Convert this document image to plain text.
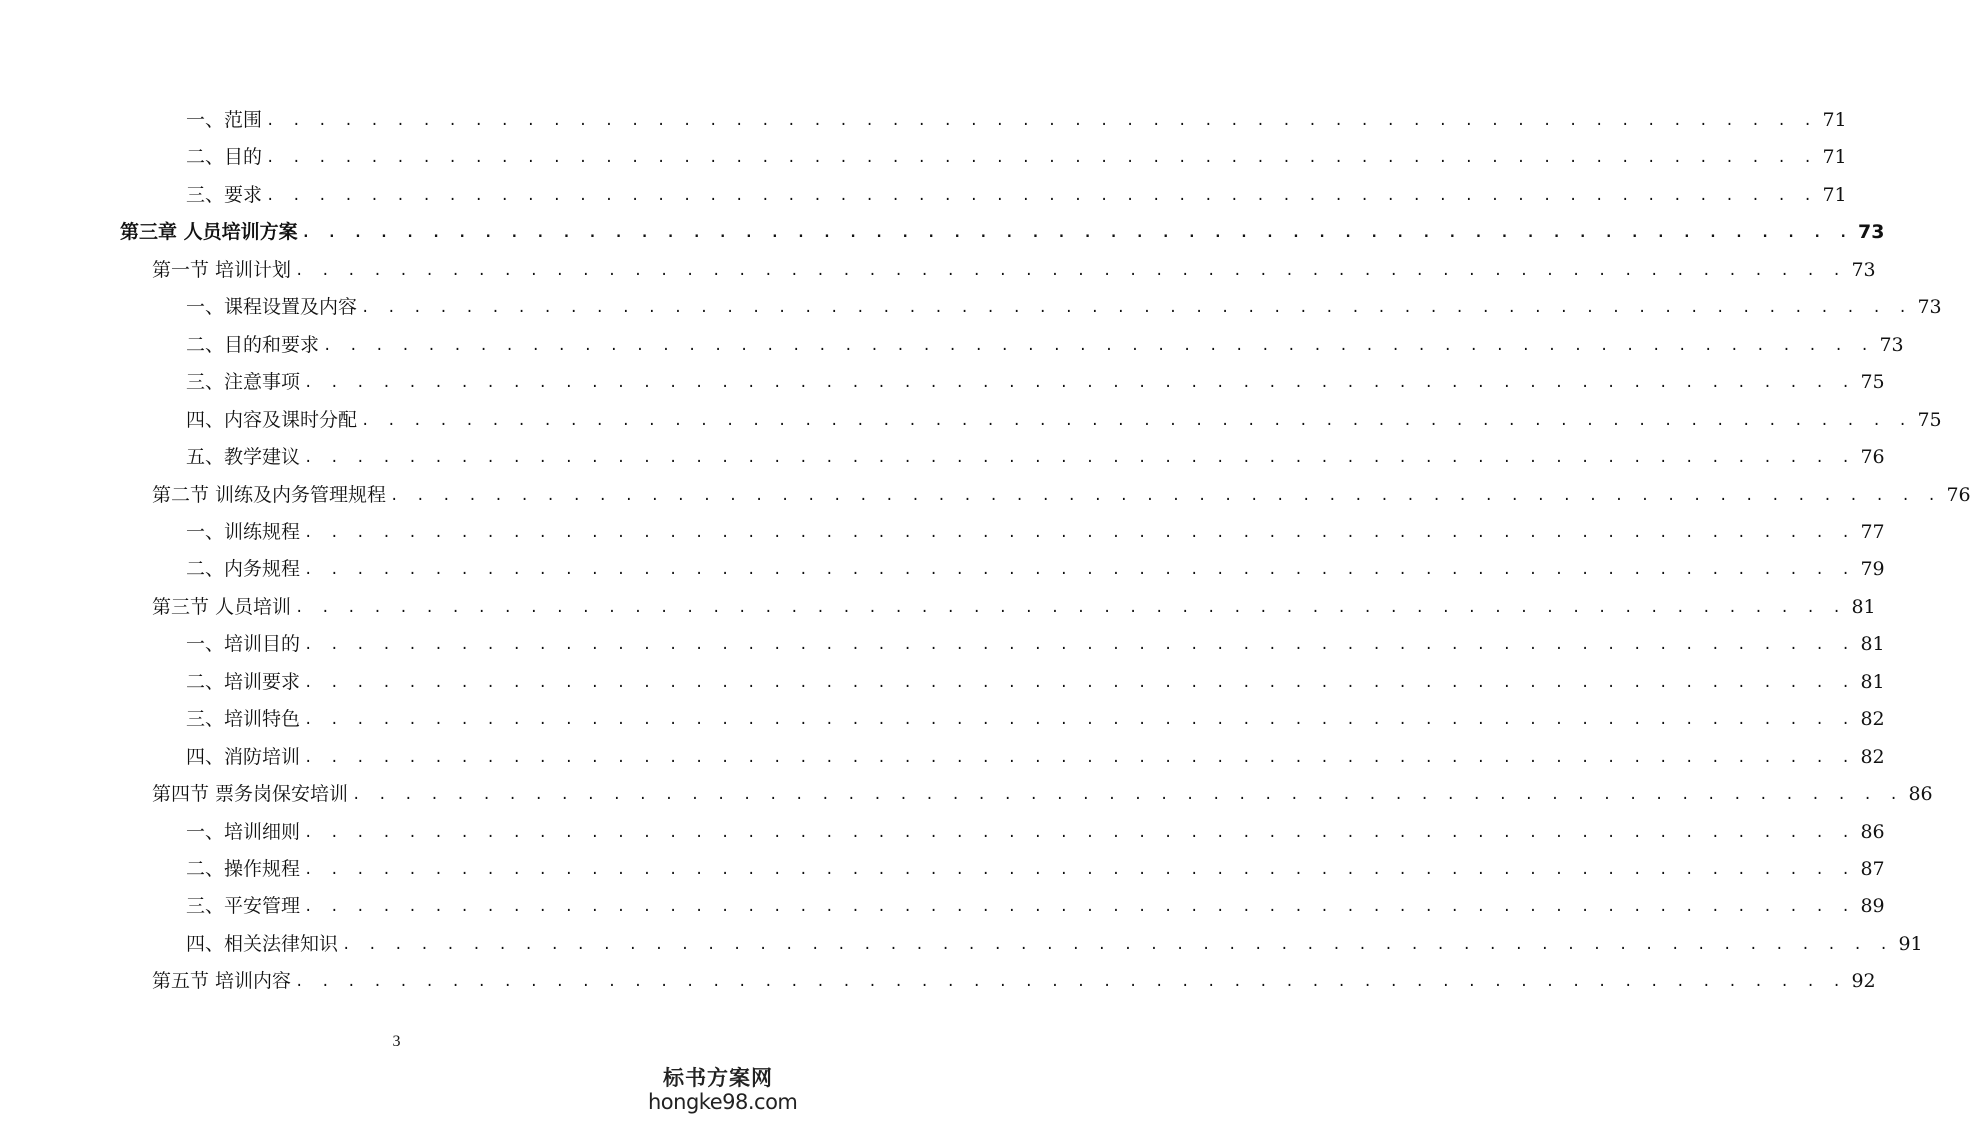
一、范围 . . . . . . . . . . . . . . . . . . . . . . . . . . . . . . . . . . . . . . . . . . . . . . . . . . . . . . . . . . . . 71
二、目的 . . . . . . . . . . . . . . . . . . . . . . . . . . . . . . . . . . . . . . . . . . . . . . . . . . . . . . . . . . . . 71
三、要求 . . . . . . . . . . . . . . . . . . . . . . . . . . . . . . . . . . . . . . . . . . . . . . . . . . . . . . . . . . . . 71
第三章 人员培训方案 . . . . . . . . . . . . . . . . . . . . . . . . . . . . . . . . . . . . . . . . . . . . . . . . . . . . . . . . . . . . 73
第一节 培训计划 . . . . . . . . . . . . . . . . . . . . . . . . . . . . . . . . . . . . . . . . . . . . . . . . . . . . . . . . . . . . 73
一、课程设置及内容 . . . . . . . . . . . . . . . . . . . . . . . . . . . . . . . . . . . . . . . . . . . . . . . . . . . . . . . . . . . . 73
二、目的和要求 . . . . . . . . . . . . . . . . . . . . . . . . . . . . . . . . . . . . . . . . . . . . . . . . . . . . . . . . . . . . 73
三、注意事项 . . . . . . . . . . . . . . . . . . . . . . . . . . . . . . . . . . . . . . . . . . . . . . . . . . . . . . . . . . . . 75
四、内容及课时分配 . . . . . . . . . . . . . . . . . . . . . . . . . . . . . . . . . . . . . . . . . . . . . . . . . . . . . . . . . . . . 75
五、教学建议 . . . . . . . . . . . . . . . . . . . . . . . . . . . . . . . . . . . . . . . . . . . . . . . . . . . . . . . . . . . . 76
第二节 训练及内务管理规程 . . . . . . . . . . . . . . . . . . . . . . . . . . . . . . . . . . . . . . . . . . . . . . . . . . . . . . . . . . . . 76
一、训练规程 . . . . . . . . . . . . . . . . . . . . . . . . . . . . . . . . . . . . . . . . . . . . . . . . . . . . . . . . . . . . 77
二、内务规程 . . . . . . . . . . . . . . . . . . . . . . . . . . . . . . . . . . . . . . . . . . . . . . . . . . . . . . . . . . . . 79
第三节 人员培训 . . . . . . . . . . . . . . . . . . . . . . . . . . . . . . . . . . . . . . . . . . . . . . . . . . . . . . . . . . . . 81
一、培训目的 . . . . . . . . . . . . . . . . . . . . . . . . . . . . . . . . . . . . . . . . . . . . . . . . . . . . . . . . . . . . 81
二、培训要求 . . . . . . . . . . . . . . . . . . . . . . . . . . . . . . . . . . . . . . . . . . . . . . . . . . . . . . . . . . . . 81
三、培训特色 . . . . . . . . . . . . . . . . . . . . . . . . . . . . . . . . . . . . . . . . . . . . . . . . . . . . . . . . . . . . 82
四、消防培训 . . . . . . . . . . . . . . . . . . . . . . . . . . . . . . . . . . . . . . . . . . . . . . . . . . . . . . . . . . . . 82
第四节 票务岗保安培训 . . . . . . . . . . . . . . . . . . . . . . . . . . . . . . . . . . . . . . . . . . . . . . . . . . . . . . . . . . . . 86
一、培训细则 . . . . . . . . . . . . . . . . . . . . . . . . . . . . . . . . . . . . . . . . . . . . . . . . . . . . . . . . . . . . 86
二、操作规程 . . . . . . . . . . . . . . . . . . . . . . . . . . . . . . . . . . . . . . . . . . . . . . . . . . . . . . . . . . . . 87
三、平安管理 . . . . . . . . . . . . . . . . . . . . . . . . . . . . . . . . . . . . . . . . . . . . . . . . . . . . . . . . . . . . 89
四、相关法律知识 . . . . . . . . . . . . . . . . . . . . . . . . . . . . . . . . . . . . . . . . . . . . . . . . . . . . . . . . . . . . 91
第五节 培训内容 . . . . . . . . . . . . . . . . . . . . . . . . . . . . . . . . . . . . . . . . . . . . . . . . . . . . . . . . . . . . 92
3
标书方案网
hongke98.com
